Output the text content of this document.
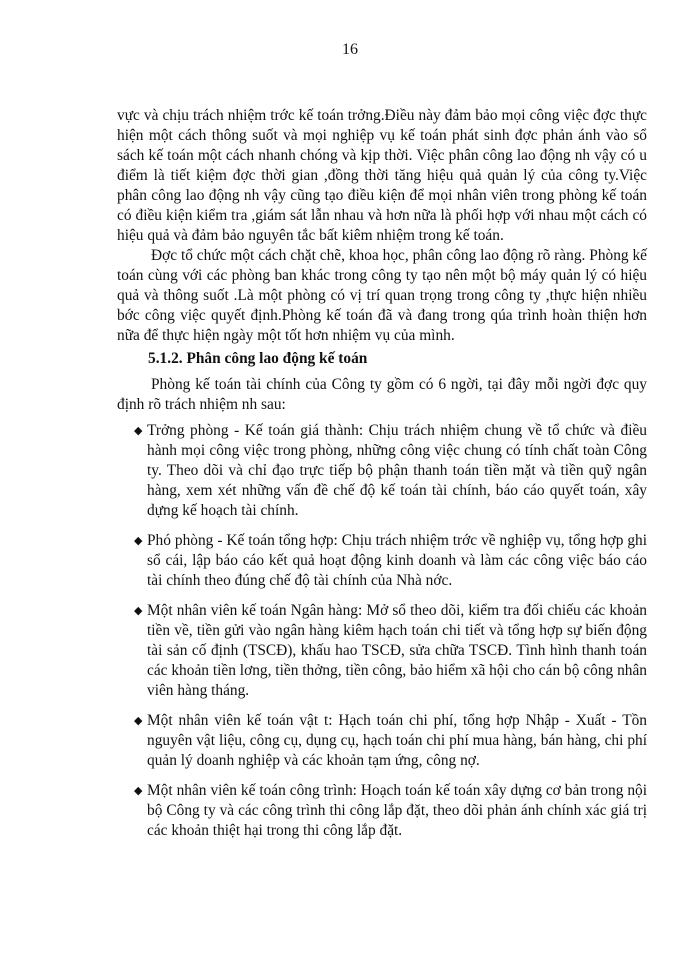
16

vực và chịu trách nhiệm trớc kế toán trởng.Điều này đảm bảo mọi công việc đợc thực hiện một cách thông suốt và mọi nghiệp vụ kế toán phát sinh đợc phản ánh vào sổ sách kế toán một cách nhanh chóng và kịp thời. Việc phân công lao động nh vậy có u điểm là tiết kiệm đợc thời gian ,đồng thời tăng hiệu quả quản lý của công ty.Việc phân công lao động nh vậy cũng tạo điều kiện để mọi nhân viên trong phòng kế toán có điều kiện kiểm tra ,giám sát lẫn nhau và hơn nữa là phối hợp với nhau một cách có hiệu quả và đảm bảo nguyên tắc bất kiêm nhiệm trong kế toán.

Đợc tổ chức một cách chặt chẽ, khoa học, phân công lao động rõ ràng. Phòng kế toán cùng với các phòng ban khác trong công ty tạo nên một bộ máy quản lý có hiệu quả và thông suốt .Là một phòng có vị trí quan trọng trong công ty ,thực hiện nhiều bớc công việc quyết định.Phòng kế toán đã và đang trong qúa trình hoàn thiện hơn nữa để thực hiện ngày một tốt hơn nhiệm vụ của mình.

5.1.2. Phân công lao động kế toán

Phòng kế toán tài chính của Công ty gồm có 6 ngời, tại đây mỗi ngời đợc quy định rõ trách nhiệm nh sau:

◆ Trởng phòng - Kế toán giá thành: Chịu trách nhiệm chung về tổ chức và điều hành mọi công việc trong phòng, những công việc chung có tính chất toàn Công ty. Theo dõi và chỉ đạo trực tiếp bộ phận thanh toán tiền mặt và tiền quỹ ngân hàng, xem xét những vấn đề chế độ kế toán tài chính, báo cáo quyết toán, xây dựng kế hoạch tài chính.
◆ Phó phòng - Kế toán tổng hợp: Chịu trách nhiệm trớc về nghiệp vụ, tổng hợp ghi sổ cái, lập báo cáo kết quả hoạt động kinh doanh và làm các công việc báo cáo tài chính theo đúng chế độ tài chính của Nhà nớc.
◆ Một nhân viên kế toán Ngân hàng: Mở sổ theo dõi, kiểm tra đối chiếu các khoản tiền về, tiền gửi vào ngân hàng kiêm hạch toán chi tiết và tổng hợp sự biến động tài sản cố định (TSCĐ), khấu hao TSCĐ, sửa chữa TSCĐ. Tình hình thanh toán các khoản tiền lơng, tiền thởng, tiền công, bảo hiểm xã hội cho cán bộ công nhân viên hàng tháng.
◆ Một nhân viên kế toán vật t: Hạch toán chi phí, tổng hợp Nhập - Xuất - Tồn nguyên vật liệu, công cụ, dụng cụ, hạch toán chi phí mua hàng, bán hàng, chi phí quản lý doanh nghiệp và các khoản tạm ứng, công nợ.
◆ Một nhân viên kế toán công trình: Hoạch toán kế toán xây dựng cơ bản trong nội bộ Công ty và các công trình thi công lắp đặt, theo dõi phản ánh chính xác giá trị các khoản thiệt hại trong thi công lắp đặt.
